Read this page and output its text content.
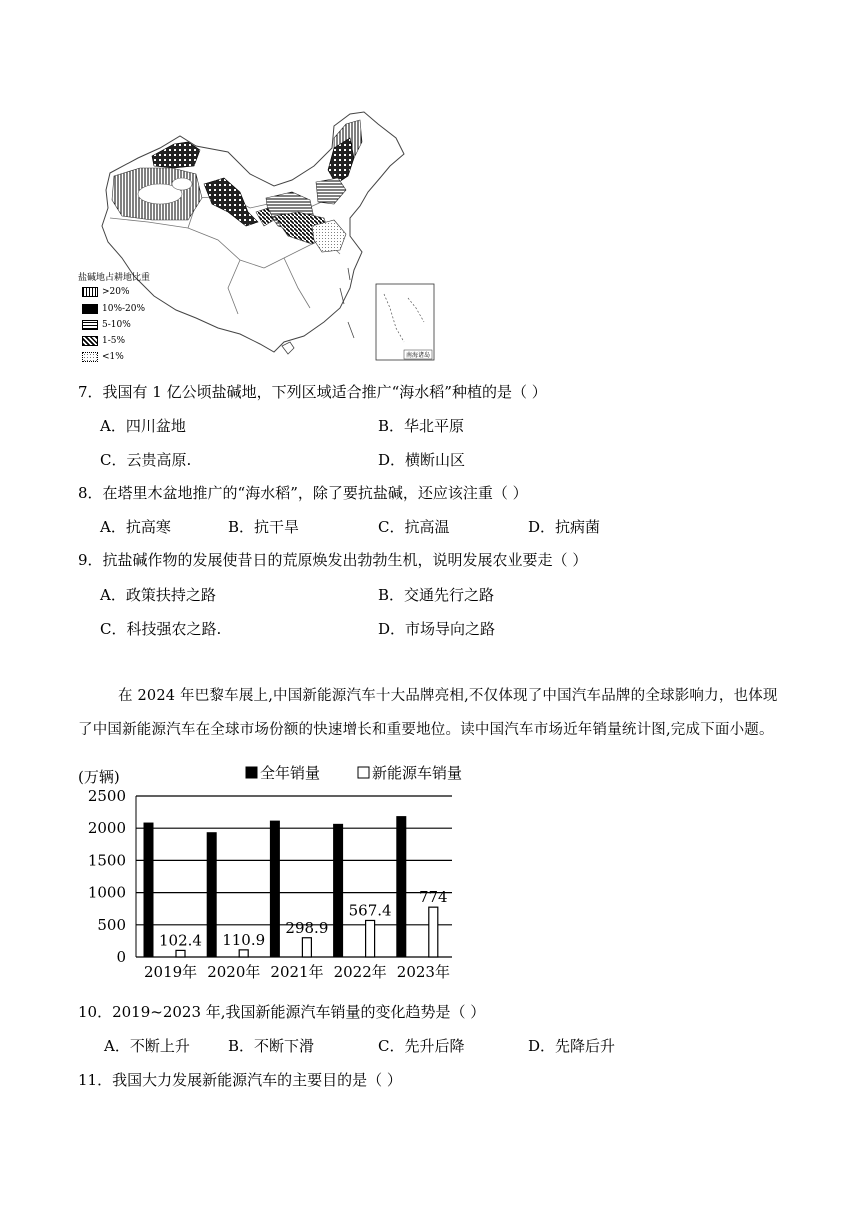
南海诸岛
盐碱地占耕地比重
>20%
10%-20%
5-10%
1-5%
<1%
7．我国有 1 亿公顷盐碱地，下列区域适合推广“海水稻”种植的是（ ）
A．四川盆地	B．华北平原
C．云贵高原.	D．横断山区
8．在塔里木盆地推广的“海水稻”，除了要抗盐碱，还应该注重（ ）
A．抗高寒	B．抗干旱	C．抗高温	D．抗病菌
9．抗盐碱作物的发展使昔日的荒原焕发出勃勃生机，说明发展农业要走（ ）
A．政策扶持之路	B．交通先行之路
C．科技强农之路.	D．市场导向之路
在 2024 年巴黎车展上,中国新能源汽车十大品牌亮相,不仅体现了中国汽车品牌的全球影响力，也体现
了中国新能源汽车在全球市场份额的快速增长和重要地位。读中国汽车市场近年销量统计图,完成下面小题。
(万辆)
0
500
1000
1500
2000
2500
全年销量	新能源车销量
102.4
2019年
110.9
2020年
298.9
2021年
567.4
2022年
774
2023年
10．2019~2023 年,我国新能源汽车销量的变化趋势是（ ）
A．不断上升	B．不断下滑	C．先升后降	D．先降后升
11．我国大力发展新能源汽车的主要目的是（ ）
